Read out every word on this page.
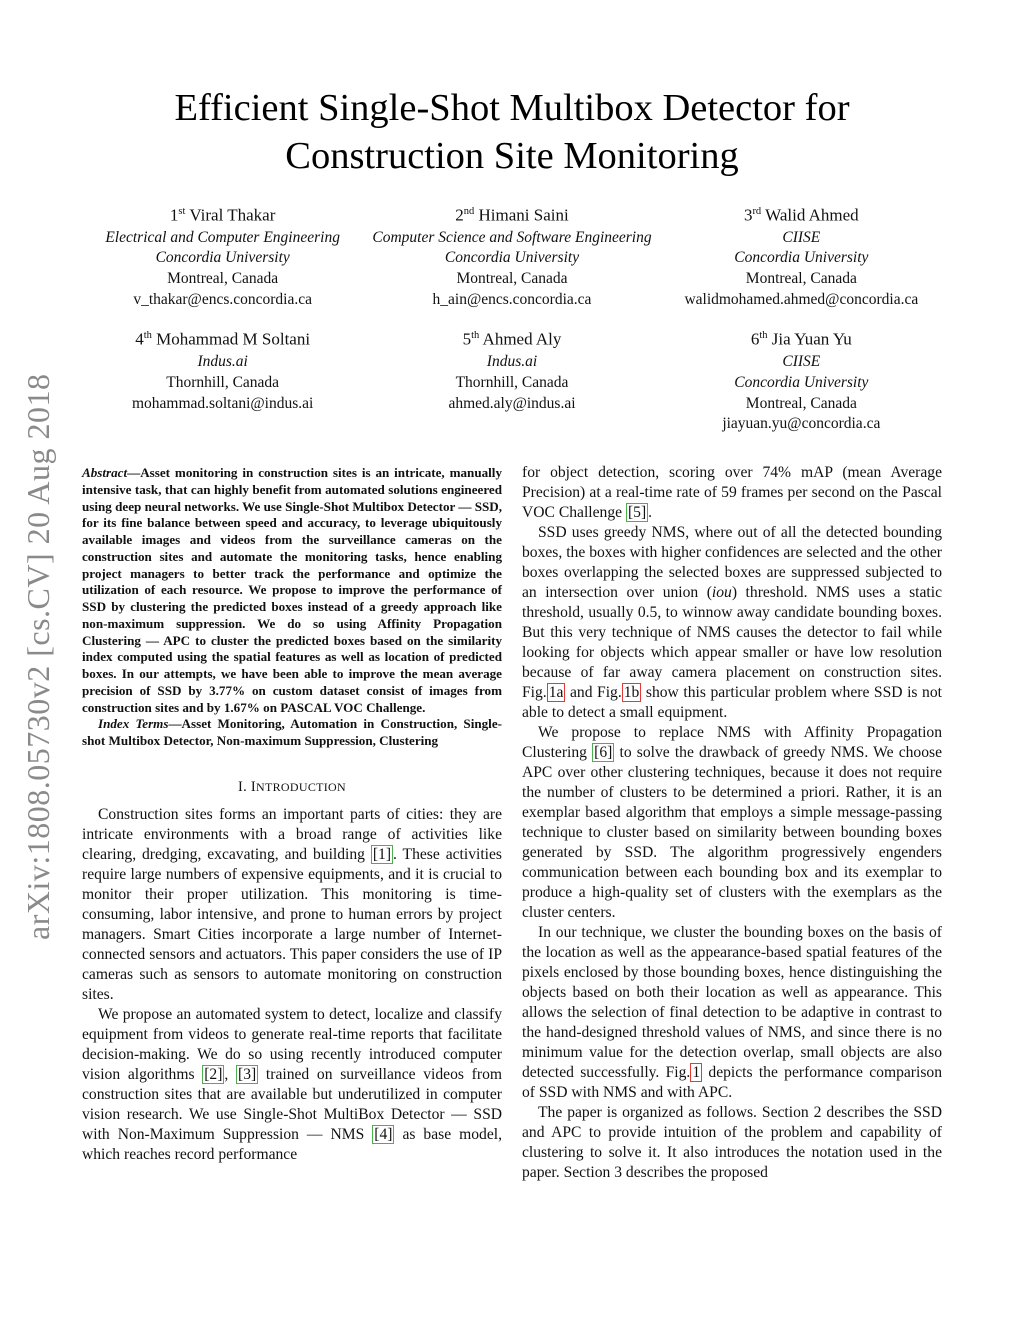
arXiv:1808.05730v2 [cs.CV] 20 Aug 2018
Efficient Single-Shot Multibox Detector for Construction Site Monitoring
1st Viral Thakar
Electrical and Computer Engineering
Concordia University
Montreal, Canada
v_thakar@encs.concordia.ca
2nd Himani Saini
Computer Science and Software Engineering
Concordia University
Montreal, Canada
h_ain@encs.concordia.ca
3rd Walid Ahmed
CIISE
Concordia University
Montreal, Canada
walidmohamed.ahmed@concordia.ca
4th Mohammad M Soltani
Indus.ai
Thornhill, Canada
mohammad.soltani@indus.ai
5th Ahmed Aly
Indus.ai
Thornhill, Canada
ahmed.aly@indus.ai
6th Jia Yuan Yu
CIISE
Concordia University
Montreal, Canada
jiayuan.yu@concordia.ca
Abstract—Asset monitoring in construction sites is an intricate, manually intensive task, that can highly benefit from automated solutions engineered using deep neural networks. We use Single-Shot Multibox Detector — SSD, for its fine balance between speed and accuracy, to leverage ubiquitously available images and videos from the surveillance cameras on the construction sites and automate the monitoring tasks, hence enabling project managers to better track the performance and optimize the utilization of each resource. We propose to improve the performance of SSD by clustering the predicted boxes instead of a greedy approach like non-maximum suppression. We do so using Affinity Propagation Clustering — APC to cluster the predicted boxes based on the similarity index computed using the spatial features as well as location of predicted boxes. In our attempts, we have been able to improve the mean average precision of SSD by 3.77% on custom dataset consist of images from construction sites and by 1.67% on PASCAL VOC Challenge.
Index Terms—Asset Monitoring, Automation in Construction, Single-shot Multibox Detector, Non-maximum Suppression, Clustering
I. INTRODUCTION

Construction sites forms an important parts of cities: they are intricate environments with a broad range of activities like clearing, dredging, excavating, and building [1] . These activities require large numbers of expensive equipments, and it is crucial to monitor their proper utilization. This monitoring is time-consuming, labor intensive, and prone to human errors by project managers. Smart Cities incorporate a large number of Internet-connected sensors and actuators. This paper considers the use of IP cameras such as sensors to automate monitoring on construction sites.

We propose an automated system to detect, localize and classify equipment from videos to generate real-time reports that facilitate decision-making. We do so using recently introduced computer vision algorithms [2] , [3] trained on surveillance videos from construction sites that are available but underutilized in computer vision research. We use Single-Shot MultiBox Detector — SSD with Non-Maximum Suppression — NMS [4] as base model, which reaches record performance

for object detection, scoring over 74% mAP (mean Average Precision) at a real-time rate of 59 frames per second on the Pascal VOC Challenge [5] .

SSD uses greedy NMS, where out of all the detected bounding boxes, the boxes with higher confidences are selected and the other boxes overlapping the selected boxes are suppressed subjected to an intersection over union (iou) threshold. NMS uses a static threshold, usually 0.5, to winnow away candidate bounding boxes. But this very technique of NMS causes the detector to fail while looking for objects which appear smaller or have low resolution because of far away camera placement on construction sites. Fig. 1a and Fig. 1b show this particular problem where SSD is not able to detect a small equipment.

We propose to replace NMS with Affinity Propagation Clustering [6] to solve the drawback of greedy NMS. We choose APC over other clustering techniques, because it does not require the number of clusters to be determined a priori. Rather, it is an exemplar based algorithm that employs a simple message-passing technique to cluster based on similarity between bounding boxes generated by SSD. The algorithm progressively engenders communication between each bounding box and its exemplar to produce a high-quality set of clusters with the exemplars as the cluster centers.

In our technique, we cluster the bounding boxes on the basis of the location as well as the appearance-based spatial features of the pixels enclosed by those bounding boxes, hence distinguishing the objects based on both their location as well as appearance. This allows the selection of final detection to be adaptive in contrast to the hand-designed threshold values of NMS, and since there is no minimum value for the detection overlap, small objects are also detected successfully. Fig. 1 depicts the performance comparison of SSD with NMS and with APC.

The paper is organized as follows. Section 2 describes the SSD and APC to provide intuition of the problem and capability of clustering to solve it. It also introduces the notation used in the paper. Section 3 describes the proposed
